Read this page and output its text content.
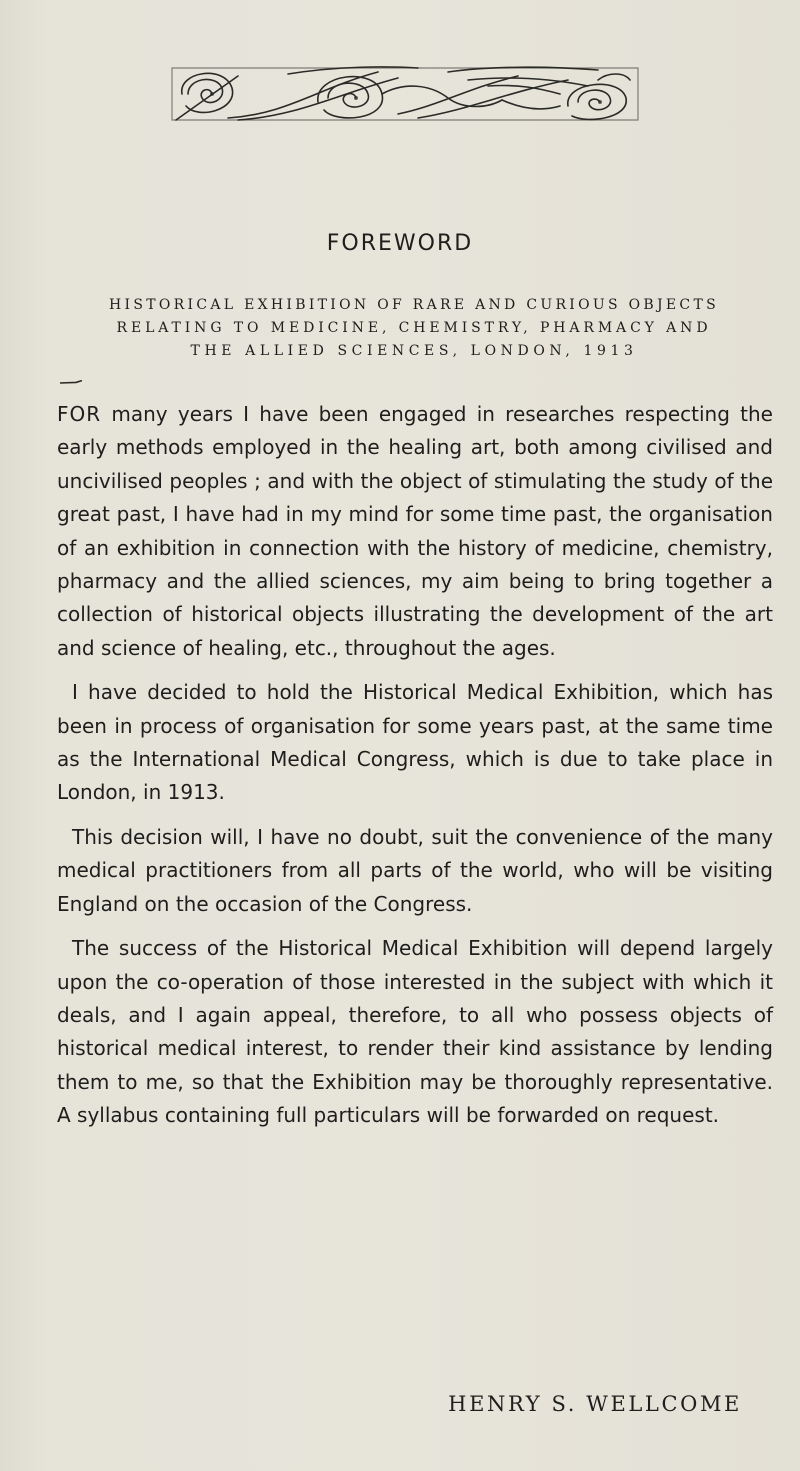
FOREWORD
HISTORICAL EXHIBITION OF RARE AND CURIOUS OBJECTS
RELATING TO MEDICINE, CHEMISTRY, PHARMACY AND
THE ALLIED SCIENCES, LONDON, 1913

FOR many years I have been engaged in researches respecting the early methods employed in the healing art, both among civilised and uncivilised peoples ; and with the object of stimulating the study of the great past, I have had in my mind for some time past, the organisation of an exhibition in connection with the history of medicine, chemistry, pharmacy and the allied sciences, my aim being to bring together a collection of historical objects illustrating the development of the art and science of healing, etc., throughout the ages.

I have decided to hold the Historical Medical Exhibition, which has been in process of organisation for some years past, at the same time as the International Medical Congress, which is due to take place in London, in 1913.

This decision will, I have no doubt, suit the convenience of the many medical practitioners from all parts of the world, who will be visiting England on the occasion of the Congress.

The success of the Historical Medical Exhibition will depend largely upon the co-operation of those interested in the subject with which it deals, and I again appeal, therefore, to all who possess objects of historical medical interest, to render their kind assistance by lending them to me, so that the Exhibition may be thoroughly representative. A syllabus containing full particulars will be forwarded on request.

HENRY S. WELLCOME
